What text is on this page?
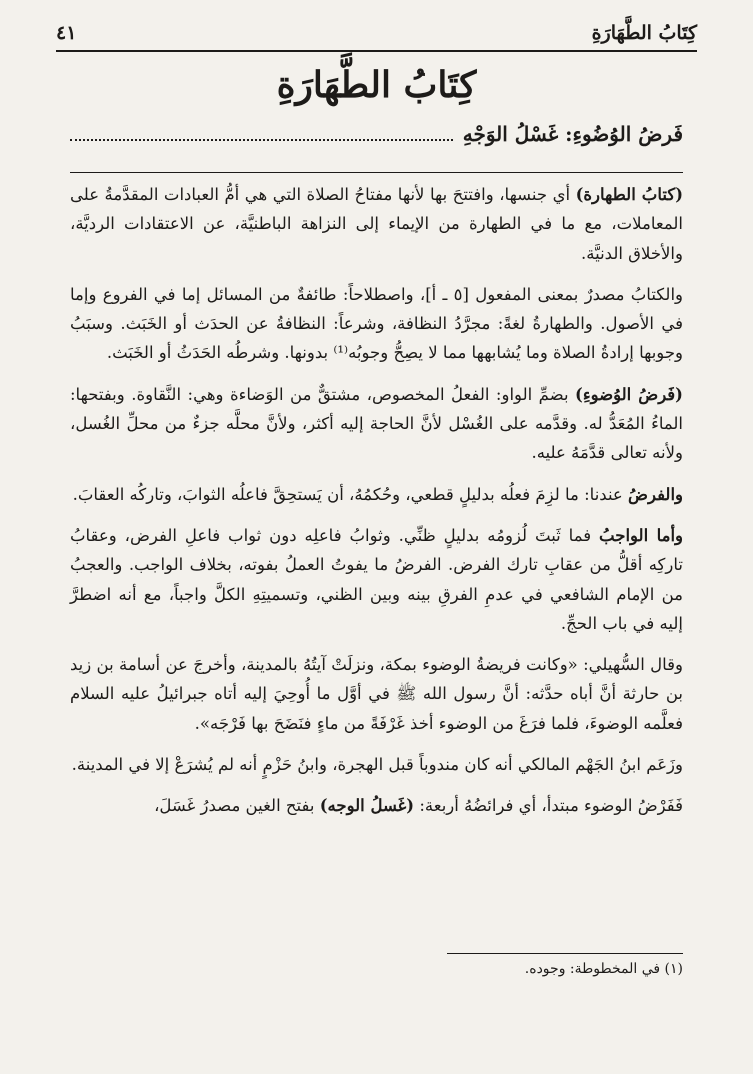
كِتَابُ الطَّهَارَةِ
٤١
كِتَابُ الطَّهَارَةِ
فَرضُ الوُضُوءِ: غَسْلُ الوَجْهِ

(كتابُ الطهارة) أي جنسها، وافتتحَ بها لأنها مفتاحُ الصلاة التي هي أمُّ العبادات المقدَّمةُ على المعاملات، مع ما في الطهارة من الإيماء إلى النزاهة الباطنيَّة، عن الاعتقادات الرديَّة، والأخلاق الدنيَّة.

والكتابُ مصدرٌ بمعنى المفعول [٥ ـ أ]، واصطلاحاً: طائفةٌ من المسائل إما في الفروع وإما في الأصول. والطهارةُ لغةً: مجرَّدُ النظافة، وشرعاً: النظافةُ عن الحدَث أو الخَبَث. وسبَبُ وجوبها إرادةُ الصلاة وما يُشابهها مما لا يصِحُّ وجوبُه⁽¹⁾ بدونها. وشرطُه الحَدَثُ أو الخَبَث.

(فَرضُ الوُضوءِ) بضمِّ الواو: الفعلُ المخصوص، مشتقٌّ من الوَضاءة وهي: النَّقاوة. وبفتحها: الماءُ المُعَدُّ له. وقدَّمه على الغُسْل لأنَّ الحاجة إليه أكثر، ولأنَّ محلَّه جزءٌ من محلِّ الغُسل، ولأنه تعالى قدَّمَهُ عليه.

والفرضُ عندنا: ما لزِمَ فعلُه بدليلٍ قطعي، وحُكمُهُ، أن يَستحِقَّ فاعلُه الثوابَ، وتاركُه العقابَ.

وأما الواجبُ فما ثَبتَ لُزومُه بدليلٍ ظنِّي. وثوابُ فاعلِه دون ثواب فاعلِ الفرض، وعقابُ تاركِه أقلُّ من عقابِ تارك الفرض. الفرضُ ما يفوتُ العملُ بفوته، بخلاف الواجب. والعجبُ من الإمام الشافعي في عدمِ الفرقِ بينه وبين الظني، وتسميتِهِ الكلَّ واجباً، مع أنه اضطرَّ إليه في باب الحجِّ.

وقال السُّهيلي: «وكانت فريضةُ الوضوء بمكة، ونزلَتْ آيتُهُ بالمدينة، وأخرجَ عن أسامة بن زيد بن حارثة أنَّ أباه حدَّثه: أنَّ رسول الله ﷺ في أوَّل ما أُوحِيَ إليه أتاه جبرائيلُ عليه السلام فعلَّمه الوضوءَ، فلما فرَغَ من الوضوء أخذ غَرْفَةً من ماءٍ فنَضَحَ بها فَرْجَه».

وزَعَم ابنُ الجَهْم المالكي أنه كان مندوباً قبل الهجرة، وابنُ حَزْمٍ أنه لم يُشرَعْ إلا في المدينة.

فَفَرْضُ الوضوء مبتدأ، أي فرائضُهُ أربعة: (غَسلُ الوجه) بفتح الغين مصدرُ غَسَلَ،

(١) في المخطوطة: وجوده.
